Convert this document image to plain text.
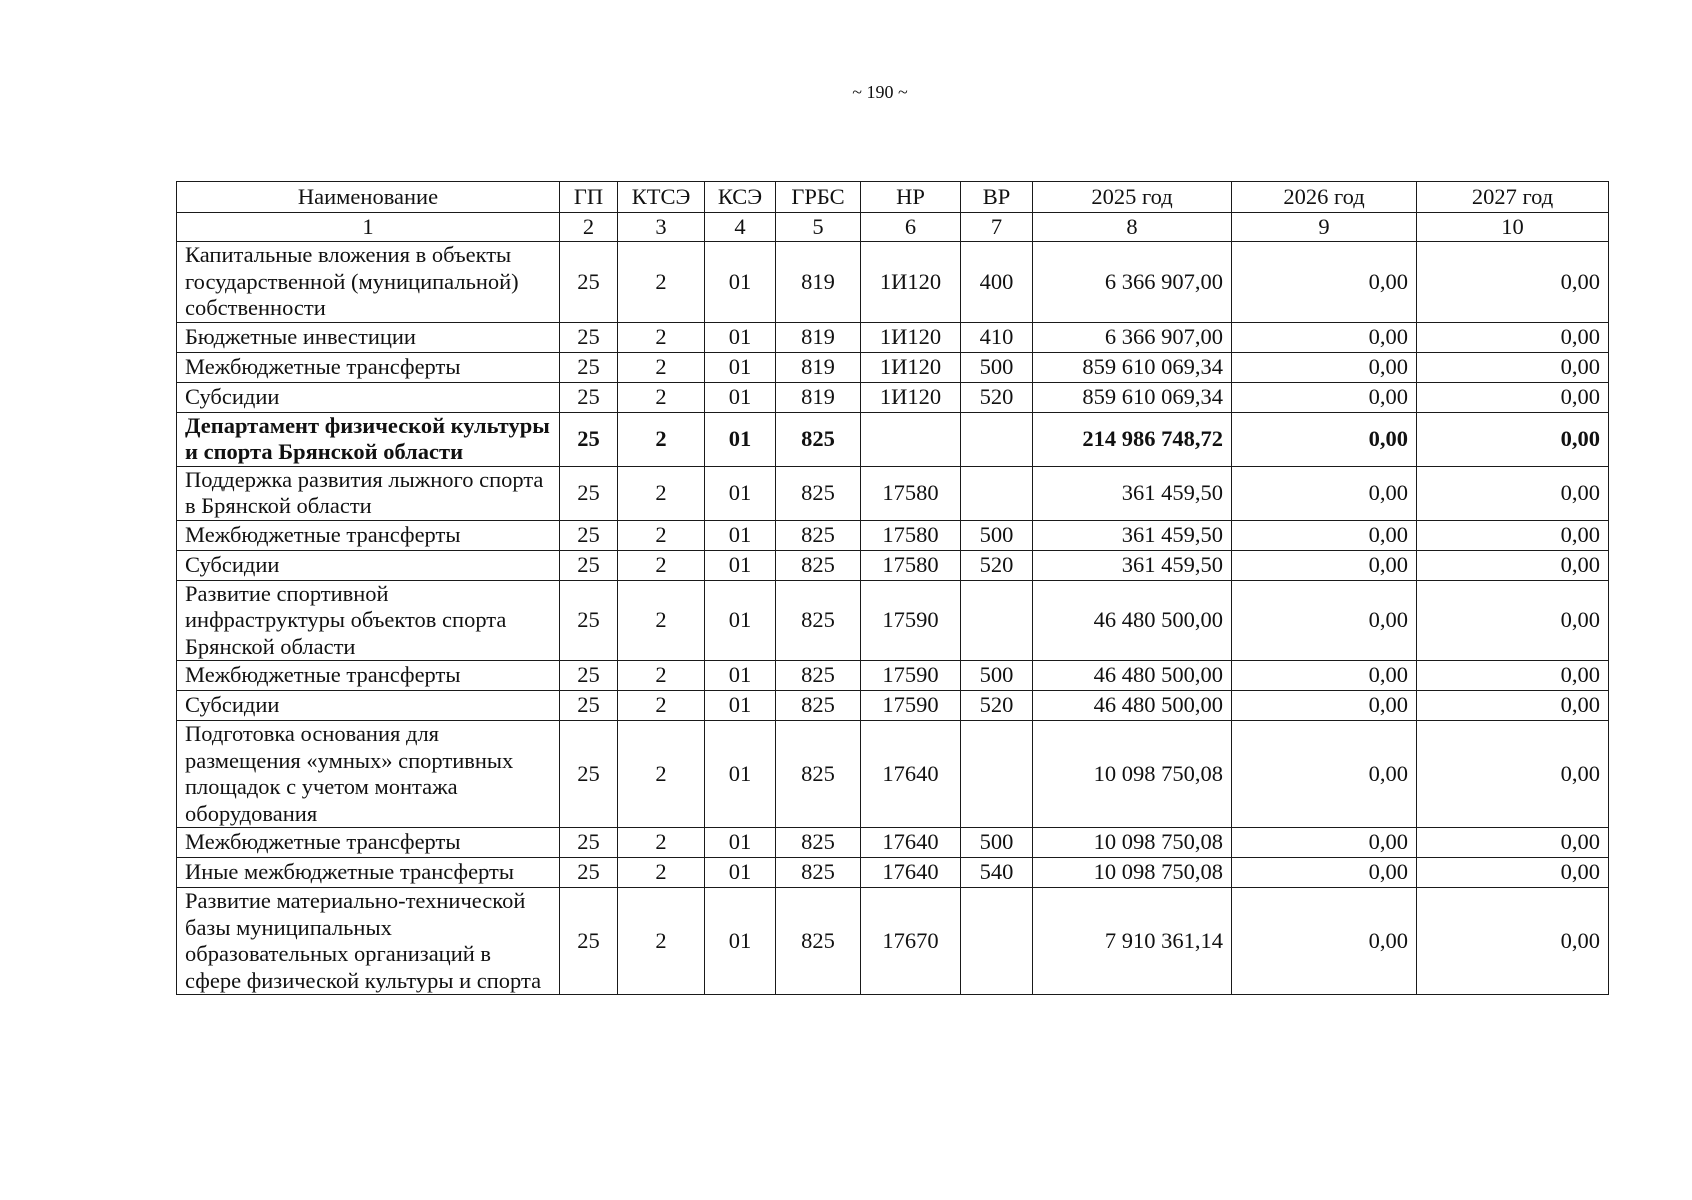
~ 190 ~
Наименование	ГП	КТСЭ	КСЭ	ГРБС	НР	ВР	2025 год	2026 год	2027 год
1	2	3	4	5	6	7	8	9	10
Капитальные вложения в объекты государственной (муниципальной) собственности	25	2	01	819	1И120	400	6 366 907,00	0,00	0,00
Бюджетные инвестиции	25	2	01	819	1И120	410	6 366 907,00	0,00	0,00
Межбюджетные трансферты	25	2	01	819	1И120	500	859 610 069,34	0,00	0,00
Субсидии	25	2	01	819	1И120	520	859 610 069,34	0,00	0,00
Департамент физической культуры и спорта Брянской области	25	2	01	825			214 986 748,72	0,00	0,00
Поддержка развития лыжного спорта в Брянской области	25	2	01	825	17580		361 459,50	0,00	0,00
Межбюджетные трансферты	25	2	01	825	17580	500	361 459,50	0,00	0,00
Субсидии	25	2	01	825	17580	520	361 459,50	0,00	0,00
Развитие спортивной инфраструктуры объектов спорта Брянской области	25	2	01	825	17590		46 480 500,00	0,00	0,00
Межбюджетные трансферты	25	2	01	825	17590	500	46 480 500,00	0,00	0,00
Субсидии	25	2	01	825	17590	520	46 480 500,00	0,00	0,00
Подготовка основания для размещения «умных» спортивных площадок с учетом монтажа оборудования	25	2	01	825	17640		10 098 750,08	0,00	0,00
Межбюджетные трансферты	25	2	01	825	17640	500	10 098 750,08	0,00	0,00
Иные межбюджетные трансферты	25	2	01	825	17640	540	10 098 750,08	0,00	0,00
Развитие материально-технической базы муниципальных образовательных организаций в сфере физической культуры и спорта	25	2	01	825	17670		7 910 361,14	0,00	0,00
